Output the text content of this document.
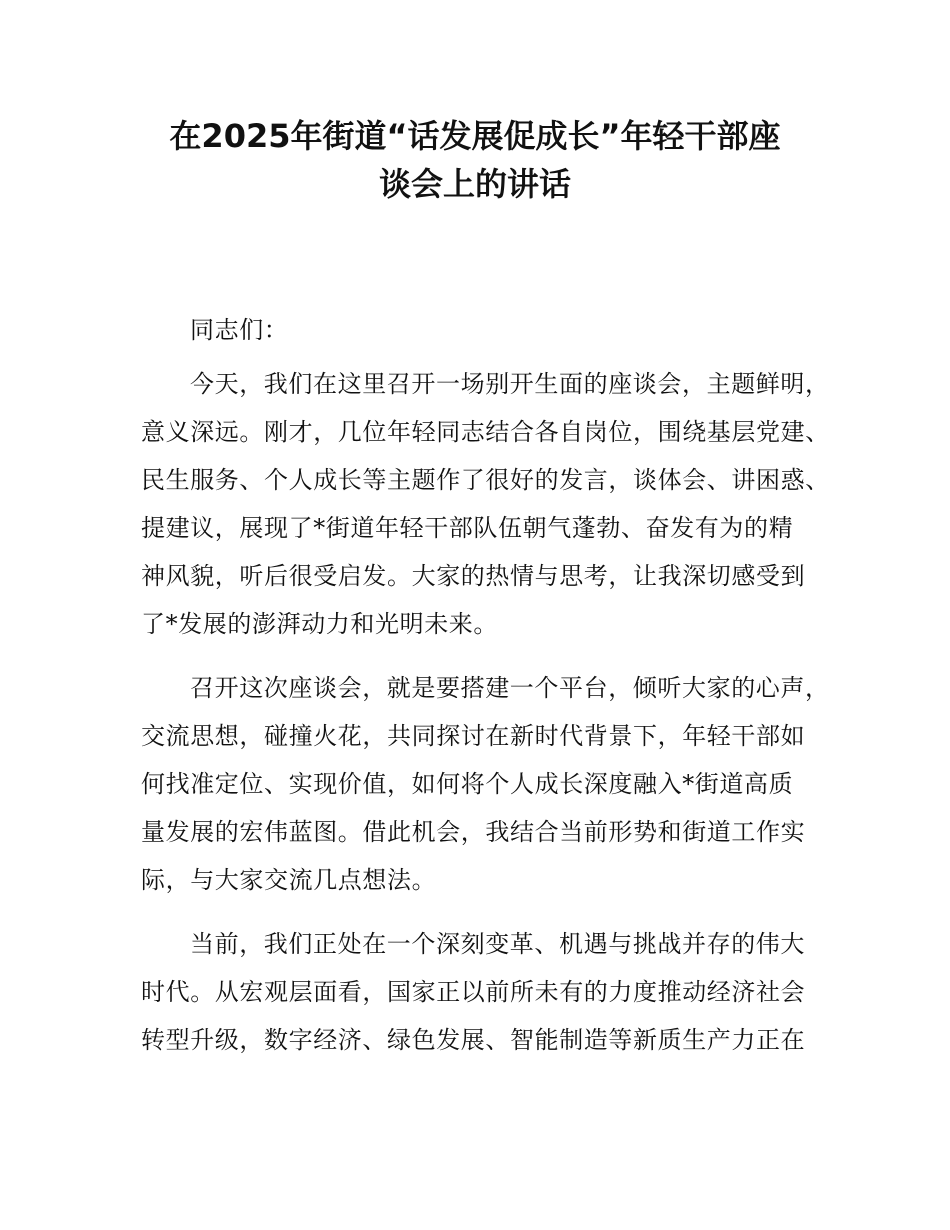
在2025年街道“话发展促成长”年轻干部座
谈会上的讲话
同志们：
今天，我们在这里召开一场别开生面的座谈会，主题鲜明，
意义深远。刚才，几位年轻同志结合各自岗位，围绕基层党建、
民生服务、个人成长等主题作了很好的发言，谈体会、讲困惑、
提建议，展现了*街道年轻干部队伍朝气蓬勃、奋发有为的精
神风貌，听后很受启发。大家的热情与思考，让我深切感受到
了*发展的澎湃动力和光明未来。
召开这次座谈会，就是要搭建一个平台，倾听大家的心声，
交流思想，碰撞火花，共同探讨在新时代背景下，年轻干部如
何找准定位、实现价值，如何将个人成长深度融入*街道高质
量发展的宏伟蓝图。借此机会，我结合当前形势和街道工作实
际，与大家交流几点想法。
当前，我们正处在一个深刻变革、机遇与挑战并存的伟大
时代。从宏观层面看，国家正以前所未有的力度推动经济社会
转型升级，数字经济、绿色发展、智能制造等新质生产力正在
